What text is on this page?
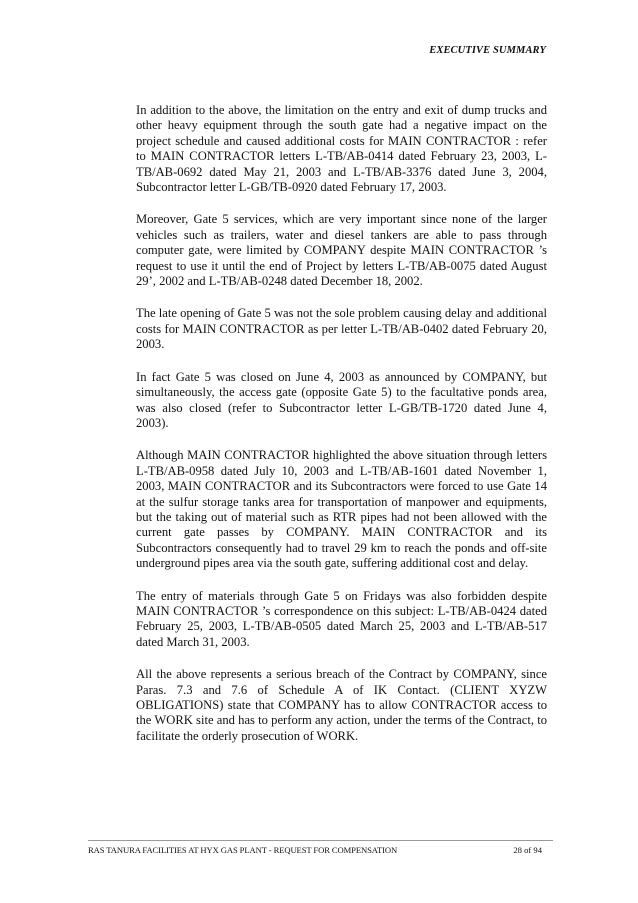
EXECUTIVE SUMMARY

In addition to the above, the limitation on the entry and exit of dump trucks and other heavy equipment through the south gate had a negative impact on the project schedule and caused additional costs for MAIN CONTRACTOR : refer to MAIN CONTRACTOR letters L-TB/AB-0414 dated February 23, 2003, L-TB/AB-0692 dated May 21, 2003 and L-TB/AB-3376 dated June 3, 2004, Subcontractor letter L-GB/TB-0920 dated February 17, 2003.

Moreover, Gate 5 services, which are very important since none of the larger vehicles such as trailers, water and diesel tankers are able to pass through computer gate, were limited by COMPANY despite MAIN CONTRACTOR ’s request to use it until the end of Project by letters L-TB/AB-0075 dated August 29’, 2002 and L-TB/AB-0248 dated December 18, 2002.

The late opening of Gate 5 was not the sole problem causing delay and additional costs for MAIN CONTRACTOR as per letter L-TB/AB-0402 dated February 20, 2003.

In fact Gate 5 was closed on June 4, 2003 as announced by COMPANY, but simultaneously, the access gate (opposite Gate 5) to the facultative ponds area, was also closed (refer to Subcontractor letter L-GB/TB-1720 dated June 4, 2003).

Although MAIN CONTRACTOR highlighted the above situation through letters L-TB/AB-0958 dated July 10, 2003 and L-TB/AB-1601 dated November 1, 2003, MAIN CONTRACTOR and its Subcontractors were forced to use Gate 14 at the sulfur storage tanks area for transportation of manpower and equipments, but the taking out of material such as RTR pipes had not been allowed with the current gate passes by COMPANY. MAIN CONTRACTOR and its Subcontractors consequently had to travel 29 km to reach the ponds and off-site underground pipes area via the south gate, suffering additional cost and delay.

The entry of materials through Gate 5 on Fridays was also forbidden despite MAIN CONTRACTOR ’s correspondence on this subject: L-TB/AB-0424 dated February 25, 2003, L-TB/AB-0505 dated March 25, 2003 and L-TB/AB-517 dated March 31, 2003.

All the above represents a serious breach of the Contract by COMPANY, since Paras. 7.3 and 7.6 of Schedule A of IK Contact. (CLIENT XYZW OBLIGATIONS) state that COMPANY has to allow CONTRACTOR access to the WORK site and has to perform any action, under the terms of the Contract, to facilitate the orderly prosecution of WORK.

RAS TANURA FACILITIES AT HYX GAS PLANT - REQUEST FOR COMPENSATION	28 of 94
